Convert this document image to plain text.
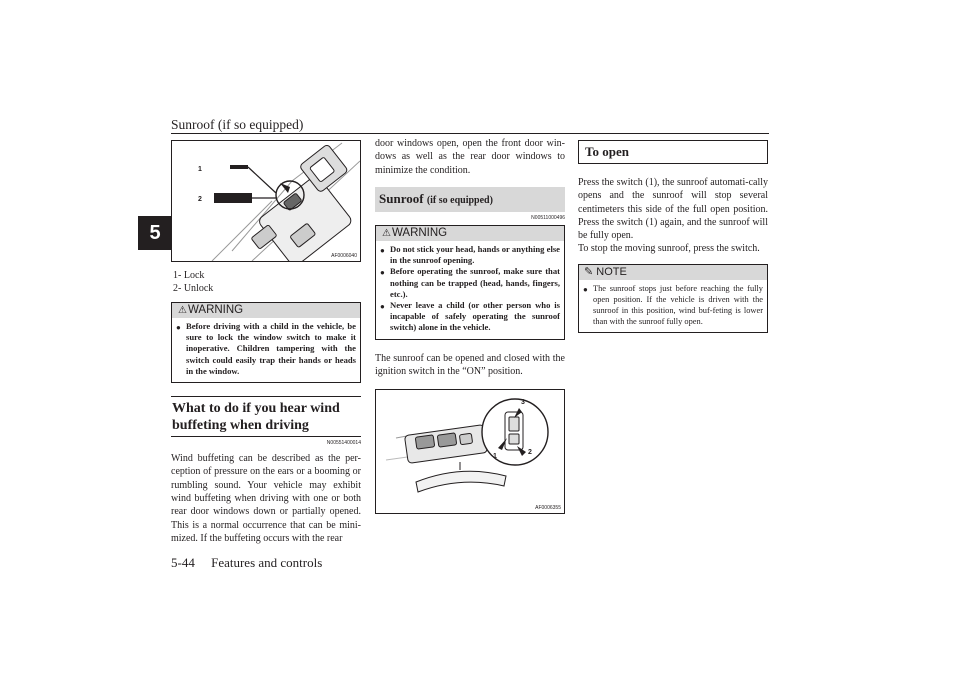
Sunroof (if so equipped)
5
1
2
AF0006040
1- Lock
2- Unlock
⚠ WARNING
● Before driving with a child in the vehicle, be sure to lock the window switch to make it inoperative. Children tampering with the switch could easily trap their hands or heads in the window.
What to do if you hear wind buffeting when driving
N00551400014
Wind buffeting can be described as the per-ception of pressure on the ears or a booming or rumbling sound. Your vehicle may exhibit wind buffeting when driving with one or both rear door windows down or partially opened. This is a normal occurrence that can be mini-mized. If the buffeting occurs with the rear
door windows open, open the front door win-dows as well as the rear door windows to minimize the condition.
Sunroof (if so equipped)
N00511000496
⚠ WARNING
● Do not stick your head, hands or anything else in the sunroof opening.
● Before operating the sunroof, make sure that nothing can be trapped (head, hands, fingers, etc.).
● Never leave a child (or other person who is incapable of safely operating the sunroof switch) alone in the vehicle.
The sunroof can be opened and closed with the ignition switch in the “ON” position.
3
1
2
AF0006355
To open
Press the switch (1), the sunroof automati-cally opens and the sunroof will stop several centimeters this side of the full open position. Press the switch (1) again, and the sunroof will be fully open.
To stop the moving sunroof, press the switch.
✎ NOTE
● The sunroof stops just before reaching the fully open position. If the vehicle is driven with the sunroof in this position, wind buf-feting is lower than with the sunroof fully open.
5-44 Features and controls
